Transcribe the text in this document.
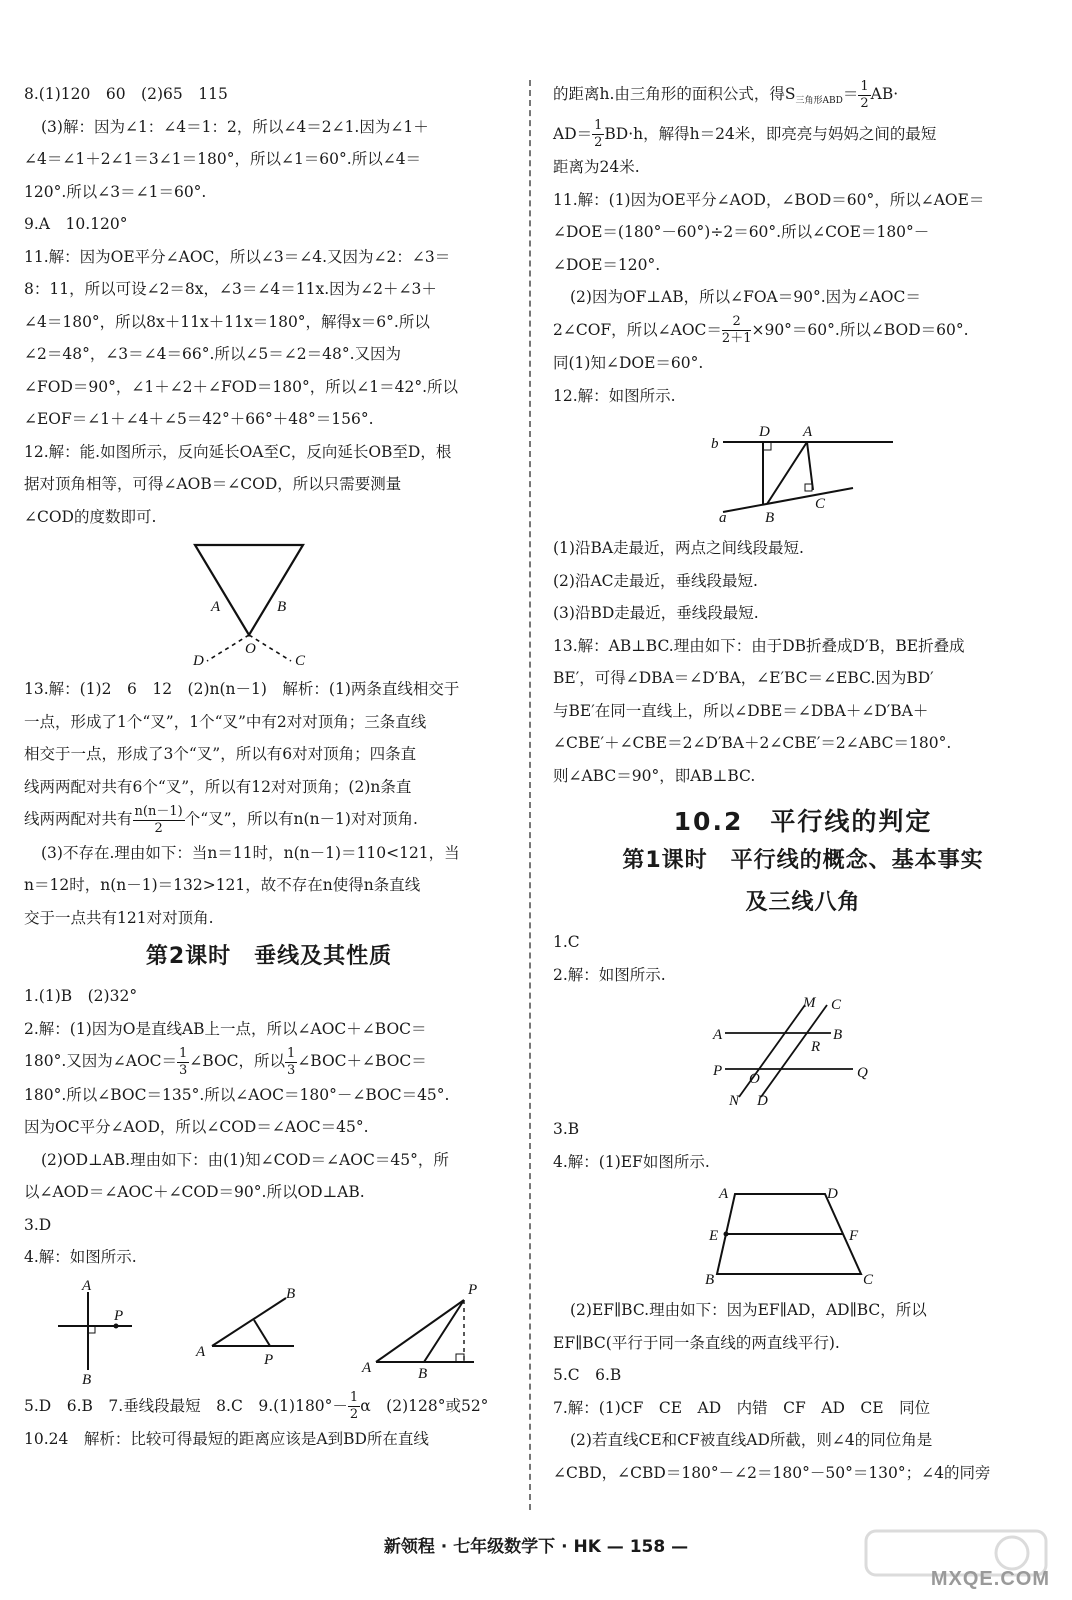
8.(1)120　60　(2)65　115

(3)解：因为∠1：∠4＝1：2，所以∠4＝2∠1.因为∠1＋

∠4＝∠1＋2∠1＝3∠1＝180°，所以∠1＝60°.所以∠4＝

120°.所以∠3＝∠1＝60°.

9.A　10.120°

11.解：因为OE平分∠AOC，所以∠3＝∠4.又因为∠2：∠3＝

8：11，所以可设∠2＝8x，∠3＝∠4＝11x.因为∠2＋∠3＋

∠4＝180°，所以8x＋11x＋11x＝180°，解得x＝6°.所以

∠2＝48°，∠3＝∠4＝66°.所以∠5＝∠2＝48°.又因为

∠FOD＝90°，∠1＋∠2＋∠FOD＝180°，所以∠1＝42°.所以

∠EOF＝∠1＋∠4＋∠5＝42°＋66°＋48°＝156°.

12.解：能.如图所示，反向延长OA至C，反向延长OB至D，根

据对顶角相等，可得∠AOB＝∠COD，所以只需要测量

∠COD的度数即可.

A	B
O
D	C

13.解：(1)2　6　12　(2)n(n－1)　解析：(1)两条直线相交于

一点，形成了1个“叉”，1个“叉”中有2对对顶角；三条直线

相交于一点，形成了3个“叉”，所以有6对对顶角；四条直

线两两配对共有6个“叉”，所以有12对对顶角；(2)n条直

线两两配对共有 $\frac{n(n-1)}{2}$ 个“叉”，所以有n(n－1)对对顶角.

(3)不存在.理由如下：当n＝11时，n(n－1)＝110<121，当

n＝12时，n(n－1)＝132>121，故不存在n使得n条直线

交于一点共有121对对顶角.

第2课时　垂线及其性质

1.(1)B　(2)32°

2.解：(1)因为O是直线AB上一点，所以∠AOC＋∠BOC＝

180°.又因为∠AOC＝ $\frac{1}{3}$ ∠BOC，所以 $\frac{1}{3}$ ∠BOC＋∠BOC＝

180°.所以∠BOC＝135°.所以∠AOC＝180°－∠BOC＝45°.

因为OC平分∠AOD，所以∠COD＝∠AOC＝45°.

(2)OD⊥AB.理由如下：由(1)知∠COD＝∠AOC＝45°，所

以∠AOD＝∠AOC＋∠COD＝90°.所以OD⊥AB.

3.D

4.解：如图所示.

A
P
B
A
B
P
P
A	B

5.D　6.B　7.垂线段最短　8.C　$9.(1)180^\circ- \frac{1}{2}$ α　(2)128°或52°

10.24　解析：比较可得最短的距离应该是A到BD所在直线

的距离h.由三角形的面积公式，得$S_{三角形ABD}= \frac{1}{2} AB\cdot$

$AD= \frac{1}{2} BD\cdot h$，解得h＝24米，即亮亮与妈妈之间的最短

距离为24米.

11.解：(1)因为OE平分∠AOD，∠BOD＝60°，所以∠AOE＝

∠DOE＝(180°－60°)÷2＝60°.所以∠COE＝180°－

∠DOE＝120°.

(2)因为OF⊥AB，所以∠FOA＝90°.因为∠AOC＝

2∠COF，所以∠AOC＝ $\frac{2}{2+1} \times 90^\circ=60^\circ$.所以∠BOD＝60°.

同(1)知∠DOE＝60°.

12.解：如图所示.

b
D A
a	B
C

(1)沿BA走最近，两点之间线段最短.

(2)沿AC走最近，垂线段最短.

(3)沿BD走最近，垂线段最短.

13.解：AB⊥BC.理由如下：由于DB折叠成D′B，BE折叠成

BE′，可得∠DBA＝∠D′BA，∠E′BC＝∠EBC.因为BD′

与BE′在同一直线上，所以∠DBE＝∠DBA＋∠D′BA＋

∠CBE′＋∠CBE＝2∠D′BA＋2∠CBE′＝2∠ABC＝180°.

则∠ABC＝90°，即AB⊥BC.

10.2　平行线的判定

第1课时　平行线的概念、基本事实

及三线八角

1.C

2.解：如图所示.

A
M C
B
R
P O	Q
N D

3.B

4.解：(1)EF如图所示.

A	D
E	F
B	C

(2)EF∥BC.理由如下：因为EF∥AD，AD∥BC，所以

EF∥BC(平行于同一条直线的两直线平行).

5.C　6.B

7.解：(1)CF　CE　AD　内错　CF　AD　CE　同位

(2)若直线CE和CF被直线AD所截，则∠4的同位角是

∠CBD，∠CBD＝180°－∠2＝180°－50°＝130°；∠4的同旁

新领程 · 七年级数学下 · HK — 158 —
MXQE.COM
